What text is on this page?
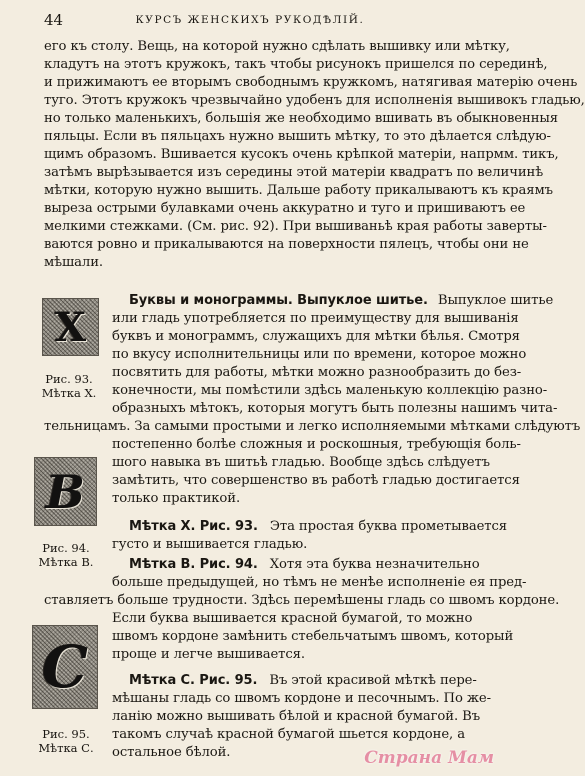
44	КУРСЪ ЖЕНСКИХЪ РУКОДѢЛІЙ.
его къ столу. Вещь, на которой нужно сдѣлать вышивку или мѣтку,
кладутъ на этотъ кружокъ, такъ чтобы рисунокъ пришелся по серединѣ,
и прижимаютъ ее вторымъ свободнымъ кружкомъ, натягивая матерію очень
туго. Этотъ кружокъ чрезвычайно удобенъ для исполненія вышивокъ гладью,
но только маленькихъ, большія же необходимо вшивать въ обыкновенныя
пяльцы. Если въ пяльцахъ нужно вышить мѣтку, то это дѣлается слѣдую-
щимъ образомъ. Вшивается кусокъ очень крѣпкой матеріи, напрмм. тикъ,
затѣмъ вырѣзывается изъ середины этой матеріи квадратъ по величинѣ
мѣтки, которую нужно вышить. Дальше работу прикалываютъ къ краямъ
выреза острыми булавками очень аккуратно и туго и пришиваютъ ее
мелкими стежками. (См. рис. 92). При вышиваньѣ края работы заверты-
ваются ровно и прикалываются на поверхности пялецъ, чтобы они не
мѣшали.
X
Рис. 93.
Мѣтка X.
Буквы и монограммы. Выпуклое шитье. Выпуклое шитье
или гладь употребляется по преимуществу для вышиванія
буквъ и монограммъ, служащихъ для мѣтки бѣлья. Смотря
по вкусу исполнительницы или по времени, которое можно
посвятить для работы, мѣтки можно разнообразить до без-
конечности, мы помѣстили здѣсь маленькую коллекцію разно-
образныхъ мѣтокъ, которыя могутъ быть полезны нашимъ чита-
тельницамъ. За самыми простыми и легко исполняемыми мѣтками слѣдуютъ
постепенно болѣе сложныя и роскошныя, требующія боль-
шого навыка въ шитьѣ гладью. Вообще здѣсь слѣдуетъ
замѣтить, что совершенство въ работѣ гладью достигается
только практикой.
B
Рис. 94.
Мѣтка В.
Мѣтка X. Рис. 93. Эта простая буква прометывается
густо и вышивается гладью.
Мѣтка В. Рис. 94. Хотя эта буква незначительно
больше предыдущей, но тѣмъ не менѣе исполненіе ея пред-
ставляетъ больше трудности. Здѣсь перемѣшены гладь со швомъ кордоне.
Если буква вышивается красной бумагой, то можно
швомъ кордоне замѣнить стебельчатымъ швомъ, который
проще и легче вышивается.
C
Рис. 95.
Мѣтка С.
Мѣтка С. Рис. 95. Въ этой красивой мѣткѣ пере-
мѣшаны гладь со швомъ кордоне и песочнымъ. По же-
ланію можно вышивать бѣлой и красной бумагой. Въ
такомъ случаѣ красной бумагой шьется кордоне, а
остальное бѣлой.	Страна Мам
